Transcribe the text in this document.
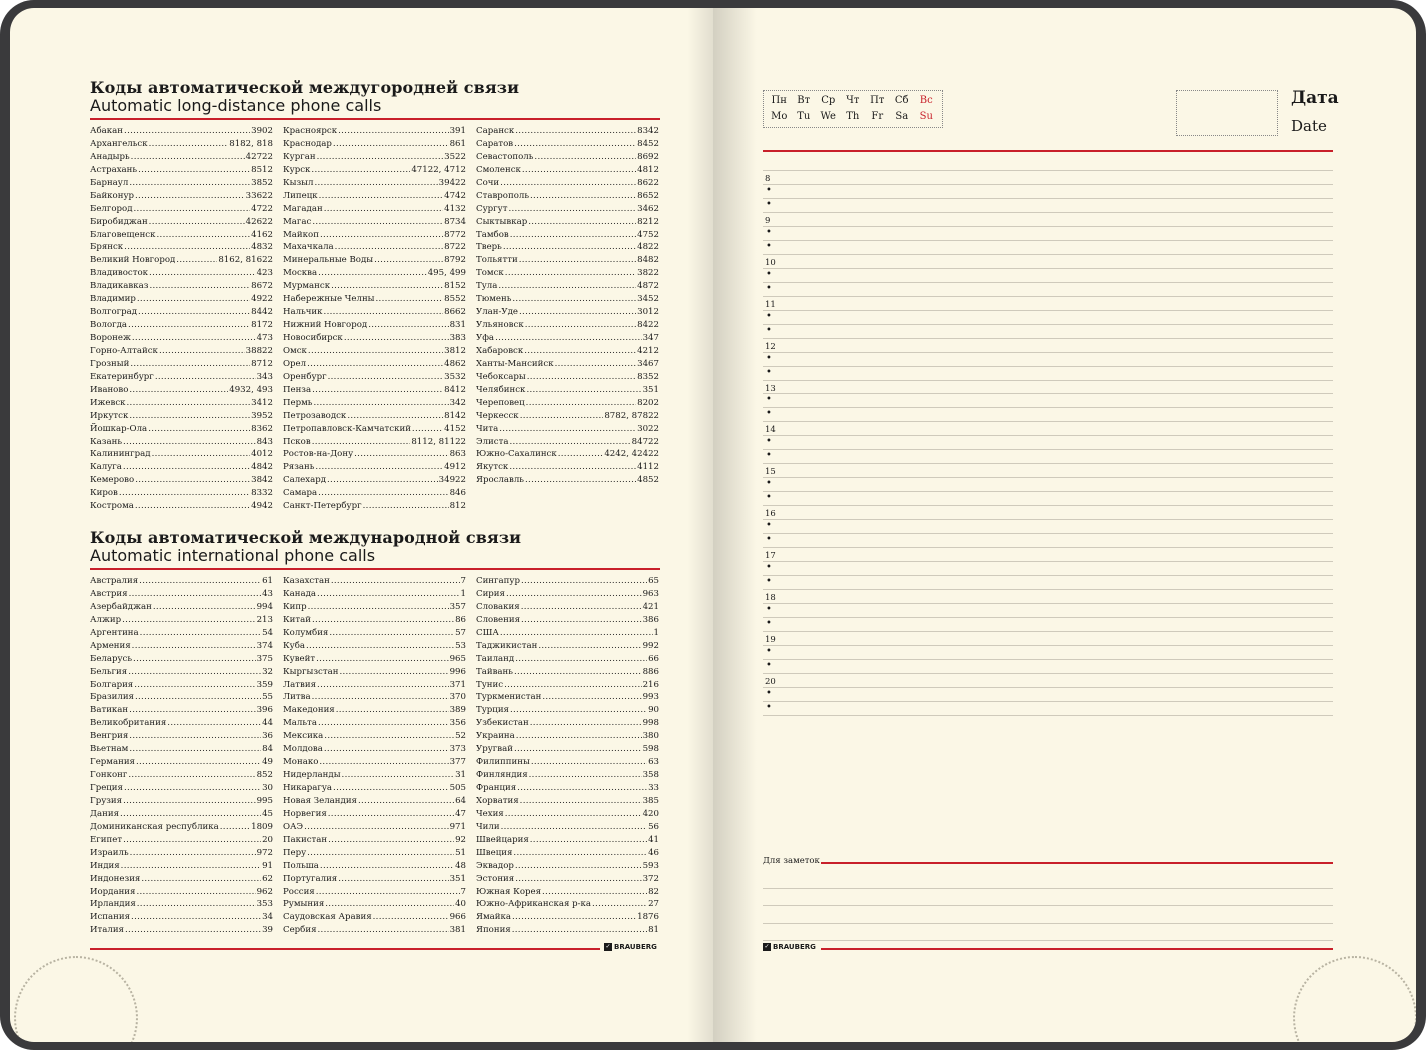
Коды автоматической междугородней связи
Automatic long-distance phone calls
Абакан .....	3902
Архангельск .....	8182, 818
Анадырь .....	42722
Астрахань .....	8512
Барнаул .....	3852
Байконур .....	33622
Белгород .....	4722
Биробиджан .....	42622
Благовещенск .....	4162
Брянск .....	4832
Великий Новгород .....	8162, 81622
Владивосток .....	423
Владикавказ .....	8672
Владимир .....	4922
Волгоград .....	8442
Вологда .....	8172
Воронеж .....	473
Горно-Алтайск .....	38822
Грозный .....	8712
Екатеринбург .....	343
Иваново .....	4932, 493
Ижевск .....	3412
Иркутск .....	3952
Йошкар-Ола .....	8362
Казань .....	843
Калининград .....	4012
Калуга .....	4842
Кемерово .....	3842
Киров .....	8332
Кострома .....	4942
Красноярск .....	391
Краснодар .....	861
Курган .....	3522
Курск .....	47122, 4712
Кызыл .....	39422
Липецк .....	4742
Магадан .....	4132
Магас .....	8734
Майкоп .....	8772
Махачкала .....	8722
Минеральные Воды .....	8792
Москва .....	495, 499
Мурманск .....	8152
Набережные Челны .....	8552
Нальчик .....	8662
Нижний Новгород .....	831
Новосибирск .....	383
Омск .....	3812
Орел .....	4862
Оренбург .....	3532
Пенза .....	8412
Пермь .....	342
Петрозаводск .....	8142
Петропавловск-Камчатский .....	4152
Псков .....	8112, 81122
Ростов-на-Дону .....	863
Рязань .....	4912
Салехард .....	34922
Самара .....	846
Санкт-Петербург .....	812
Саранск .....	8342
Саратов .....	8452
Севастополь .....	8692
Смоленск .....	4812
Сочи .....	8622
Ставрополь .....	8652
Сургут .....	3462
Сыктывкар .....	8212
Тамбов .....	4752
Тверь .....	4822
Тольятти .....	8482
Томск .....	3822
Тула .....	4872
Тюмень .....	3452
Улан-Уде .....	3012
Ульяновск .....	8422
Уфа .....	347
Хабаровск .....	4212
Ханты-Мансийск .....	3467
Чебоксары .....	8352
Челябинск .....	351
Череповец .....	8202
Черкесск .....	8782, 87822
Чита .....	3022
Элиста .....	84722
Южно-Сахалинск .....	4242, 42422
Якутск .....	4112
Ярославль .....	4852
Коды автоматической международной связи
Automatic international phone calls
Австралия .....	61
Австрия .....	43
Азербайджан .....	994
Алжир .....	213
Аргентина .....	54
Армения .....	374
Беларусь .....	375
Бельгия .....	32
Болгария .....	359
Бразилия .....	55
Ватикан .....	396
Великобритания .....	44
Венгрия .....	36
Вьетнам .....	84
Германия .....	49
Гонконг .....	852
Греция .....	30
Грузия .....	995
Дания .....	45
Доминиканская республика .....	1809
Египет .....	20
Израиль .....	972
Индия .....	91
Индонезия .....	62
Иордания .....	962
Ирландия .....	353
Испания .....	34
Италия .....	39
Казахстан .....	7
Канада .....	1
Кипр .....	357
Китай .....	86
Колумбия .....	57
Куба .....	53
Кувейт .....	965
Кыргызстан .....	996
Латвия .....	371
Литва .....	370
Македония .....	389
Мальта .....	356
Мексика .....	52
Молдова .....	373
Монако .....	377
Нидерланды .....	31
Никарагуа .....	505
Новая Зеландия .....	64
Норвегия .....	47
ОАЭ .....	971
Пакистан .....	92
Перу .....	51
Польша .....	48
Португалия .....	351
Россия .....	7
Румыния .....	40
Саудовская Аравия .....	966
Сербия .....	381
Сингапур .....	65
Сирия .....	963
Словакия .....	421
Словения .....	386
США .....	1
Таджикистан .....	992
Таиланд .....	66
Тайвань .....	886
Тунис .....	216
Туркменистан .....	993
Турция .....	90
Узбекистан .....	998
Украина .....	380
Уругвай .....	598
Филиппины .....	63
Финляндия .....	358
Франция .....	33
Хорватия .....	385
Чехия .....	420
Чили .....	56
Швейцария .....	41
Швеция .....	46
Эквадор .....	593
Эстония .....	372
Южная Корея .....	82
Южно-Африканская р-ка .....	27
Ямайка .....	1876
Япония .....	81
✓ BRAUBERG
Пн	Вт	Ср	Чт	Пт	Сб	Вс
Mo Tu	We	Th	Fr	Sa	Su
Дата
Date
8
•
•
9
•
•
10
•
•
11
•
•
12
•
•
13
•
•
14
•
•
15
•
•
16
•
•
17
•
•
18
•
•
19
•
•
20
•
•
Для заметок
✓ BRAUBERG
